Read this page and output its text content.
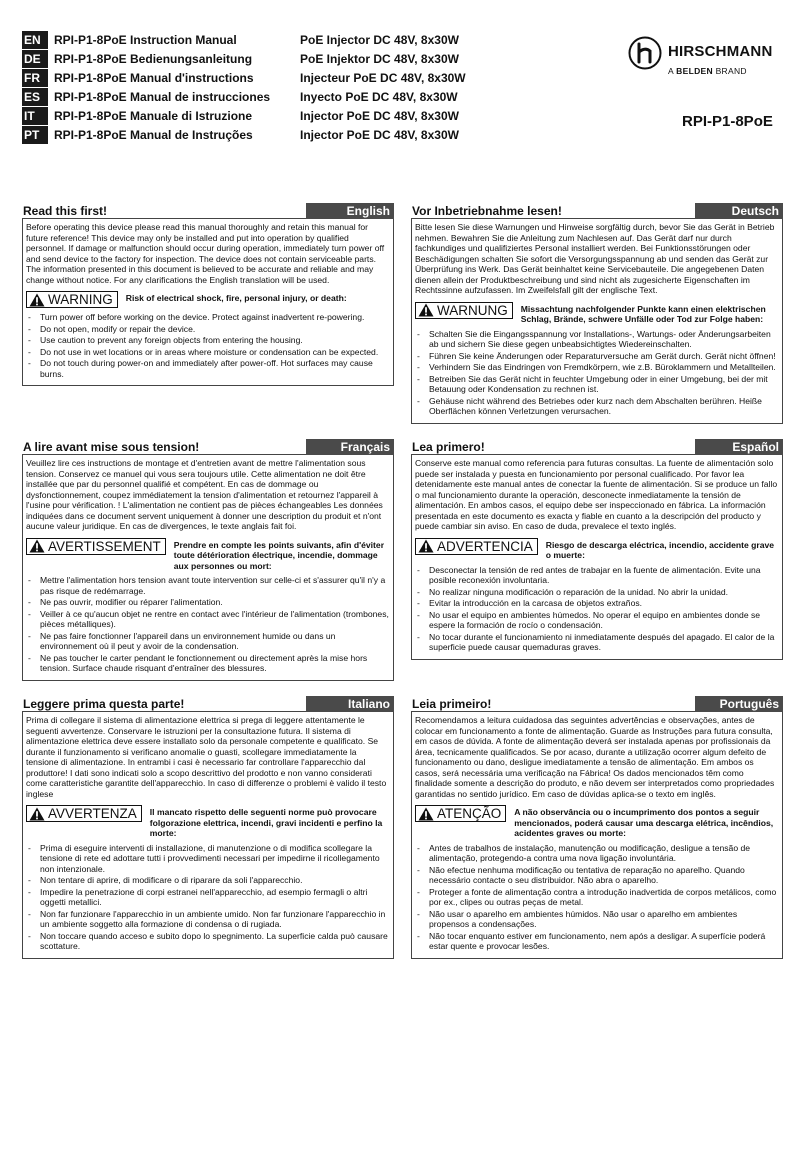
EN	RPI-P1-8PoE Instruction Manual	PoE Injector DC 48V, 8x30W
DE	RPI-P1-8PoE Bedienungsanleitung	PoE Injektor DC 48V, 8x30W
FR	RPI-P1-8PoE Manual d'instructions	Injecteur PoE DC 48V, 8x30W
ES	RPI-P1-8PoE Manual de instrucciones	Inyecto PoE DC 48V, 8x30W
IT	RPI-P1-8PoE Manuale di Istruzione	Injector PoE DC 48V, 8x30W
PT	RPI-P1-8PoE Manual de Instruções	Injector PoE DC 48V, 8x30W
HIRSCHMANN
A BELDEN BRAND
RPI-P1-8PoE
Read this first!	English

Before operating this device please read this manual thoroughly and retain this manual for future reference! This device may only be installed and put into operation by qualified personnel. If damage or malfunction should occur during operation, immediately turn power off and send device to the factory for inspection. The device does not contain serviceable parts. The information presented in this document is believed to be accurate and reliable and may change without notice. For any clarifications the English translation will be used.

WARNING Risk of electrical shock, fire, personal injury, or death:
- Turn power off before working on the device. Protect against inadvertent re-powering.
- Do not open, modify or repair the device.
- Use caution to prevent any foreign objects from entering the housing.
- Do not use in wet locations or in areas where moisture or condensation can be expected.
- Do not touch during power-on and immediately after power-off. Hot surfaces may cause burns.
Vor Inbetriebnahme lesen!	Deutsch

Bitte lesen Sie diese Warnungen und Hinweise sorgfältig durch, bevor Sie das Gerät in Betrieb nehmen. Bewahren Sie die Anleitung zum Nachlesen auf. Das Gerät darf nur durch fachkundiges und qualifiziertes Personal installiert werden. Bei Funktionsstörungen oder Beschädigungen schalten Sie sofort die Versorgungsspannung ab und senden das Gerät zur Überprüfung ins Werk. Das Gerät beinhaltet keine Servicebauteile. Die angegebenen Daten dienen allein der Produktbeschreibung und sind nicht als zugesicherte Eigenschaften im Rechtssinne aufzufassen. Im Zweifelsfall gilt der englische Text.

WARNUNG Missachtung nachfolgender Punkte kann einen elektrischen Schlag, Brände, schwere Unfälle oder Tod zur Folge haben:
- Schalten Sie die Eingangsspannung vor Installations-, Wartungs- oder Änderungsarbeiten ab und sichern Sie diese gegen unbeabsichtigtes Wiedereinschalten.
- Führen Sie keine Änderungen oder Reparaturversuche am Gerät durch. Gerät nicht öffnen!
- Verhindern Sie das Eindringen von Fremdkörpern, wie z.B. Büroklammern und Metallteilen.
- Betreiben Sie das Gerät nicht in feuchter Umgebung oder in einer Umgebung, bei der mit Betauung oder Kondensation zu rechnen ist.
- Gehäuse nicht während des Betriebes oder kurz nach dem Abschalten berühren. Heiße Oberflächen können Verletzungen verursachen.
A lire avant mise sous tension!	Français

Veuillez lire ces instructions de montage et d'entretien avant de mettre l'alimentation sous tension. Conservez ce manuel qui vous sera toujours utile. Cette alimentation ne doit être installée que par du personnel qualifié et compétent. En cas de dommage ou dysfonctionnement, coupez immédiatement la tension d'alimentation et retournez l'appareil à l'usine pour vérification. ! L'alimentation ne contient pas de pièces échangeables Les données indiquées dans ce document servent uniquement à donner une description du produit et n'ont aucune valeur juridique. En cas de divergences, le texte anglais fait foi.

AVERTISSEMENT Prendre en compte les points suivants, afin d'éviter toute détérioration électrique, incendie, dommage aux personnes ou mort:
- Mettre l'alimentation hors tension avant toute intervention sur celle-ci et s'assurer qu'il n'y a pas risque de redémarrage.
- Ne pas ouvrir, modifier ou réparer l'alimentation.
- Veiller à ce qu'aucun objet ne rentre en contact avec l'intérieur de l'alimentation (trombones, pièces métalliques).
- Ne pas faire fonctionner l'appareil dans un environnement humide ou dans un environnement où il peut y avoir de la condensation.
- Ne pas toucher le carter pendant le fonctionnement ou directement après la mise hors tension. Surface chaude risquant d'entraîner des blessures.
Lea primero!	Español

Conserve este manual como referencia para futuras consultas. La fuente de alimentación solo puede ser instalada y puesta en funcionamiento por personal cualificado. Por favor lea detenidamente este manual antes de conectar la fuente de alimentación. Si se produce un fallo o mal funcionamiento durante la operación, desconecte inmediatamente la tensión de alimentación. En ambos casos, el equipo debe ser inspeccionado en fábrica. La información presentada en este documento es exacta y fiable en cuanto a la descripción del producto y puede cambiar sin aviso. En caso de duda, prevalece el texto inglés.

ADVERTENCIA Riesgo de descarga eléctrica, incendio, accidente grave o muerte:
- Desconectar la tensión de red antes de trabajar en la fuente de alimentación. Evite una posible reconexión involuntaria.
- No realizar ninguna modificación o reparación de la unidad. No abrir la unidad.
- Evitar la introducción en la carcasa de objetos extraños.
- No usar el equipo en ambientes húmedos. No operar el equipo en ambientes donde se espere la formación de rocío o condensación.
- No tocar durante el funcionamiento ni inmediatamente después del apagado. El calor de la superficie puede causar quemaduras graves.
Leggere prima questa parte!	Italiano

Prima di collegare il sistema di alimentazione elettrica si prega di leggere attentamente le seguenti avvertenze. Conservare le istruzioni per la consultazione futura. Il sistema di alimentazione elettrica deve essere installato solo da personale competente e qualificato. Se durante il funzionamento si verificano anomalie o guasti, scollegare immediatamente la tensione di alimentazione. In entrambi i casi è necessario far controllare l'apparecchio dal produttore! I dati sono indicati solo a scopo descrittivo del prodotto e non vanno considerati come caratteristiche garantite dell'apparecchio. In caso di differenze o problemi è valido il testo inglese

AVVERTENZA Il mancato rispetto delle seguenti norme può provocare folgorazione elettrica, incendi, gravi incidenti e perfino la morte:
- Prima di eseguire interventi di installazione, di manutenzione o di modifica scollegare la tensione di rete ed adottare tutti i provvedimenti necessari per impedirne il ricollegamento non intenzionale.
- Non tentare di aprire, di modificare o di riparare da soli l'apparecchio.
- Impedire la penetrazione di corpi estranei nell'apparecchio, ad esempio fermagli o altri oggetti metallici.
- Non far funzionare l'apparecchio in un ambiente umido. Non far funzionare l'apparecchio in un ambiente soggetto alla formazione di condensa o di rugiada.
- Non toccare quando acceso e subito dopo lo spegnimento. La superficie calda può causare scottature.
Leia primeiro!	Português

Recomendamos a leitura cuidadosa das seguintes advertências e observações, antes de colocar em funcionamento a fonte de alimentação. Guarde as Instruções para futura consulta, em casos de dúvida. A fonte de alimentação deverá ser instalada apenas por profissionais da área, tecnicamente qualificados. Se por acaso, durante a utilização ocorrer algum defeito de funcionamento ou dano, desligue imediatamente a tensão de alimentação. Em ambos os casos, será necessária uma verificação na Fábrica! Os dados mencionados têm como finalidade somente a descrição do produto, e não devem ser interpretados como propriedades garantidas no sentido jurídico. Em caso de dúvidas aplica-se o texto em inglês.

ATENÇÃO A não observância ou o incumprimento dos pontos a seguir mencionados, poderá causar uma descarga elétrica, incêndios, acidentes graves ou morte:
- Antes de trabalhos de instalação, manutenção ou modificação, desligue a tensão de alimentação, protegendo-a contra uma nova ligação involuntária.
- Não efectue nenhuma modificação ou tentativa de reparação no aparelho. Quando necessário contacte o seu distribuidor. Não abra o aparelho.
- Proteger a fonte de alimentação contra a introdução inadvertida de corpos metálicos, como por ex., clipes ou outras peças de metal.
- Não usar o aparelho em ambientes húmidos. Não usar o aparelho em ambientes propensos a condensações.
- Não tocar enquanto estiver em funcionamento, nem após a desligar. A superfície poderá estar quente e provocar lesões.
